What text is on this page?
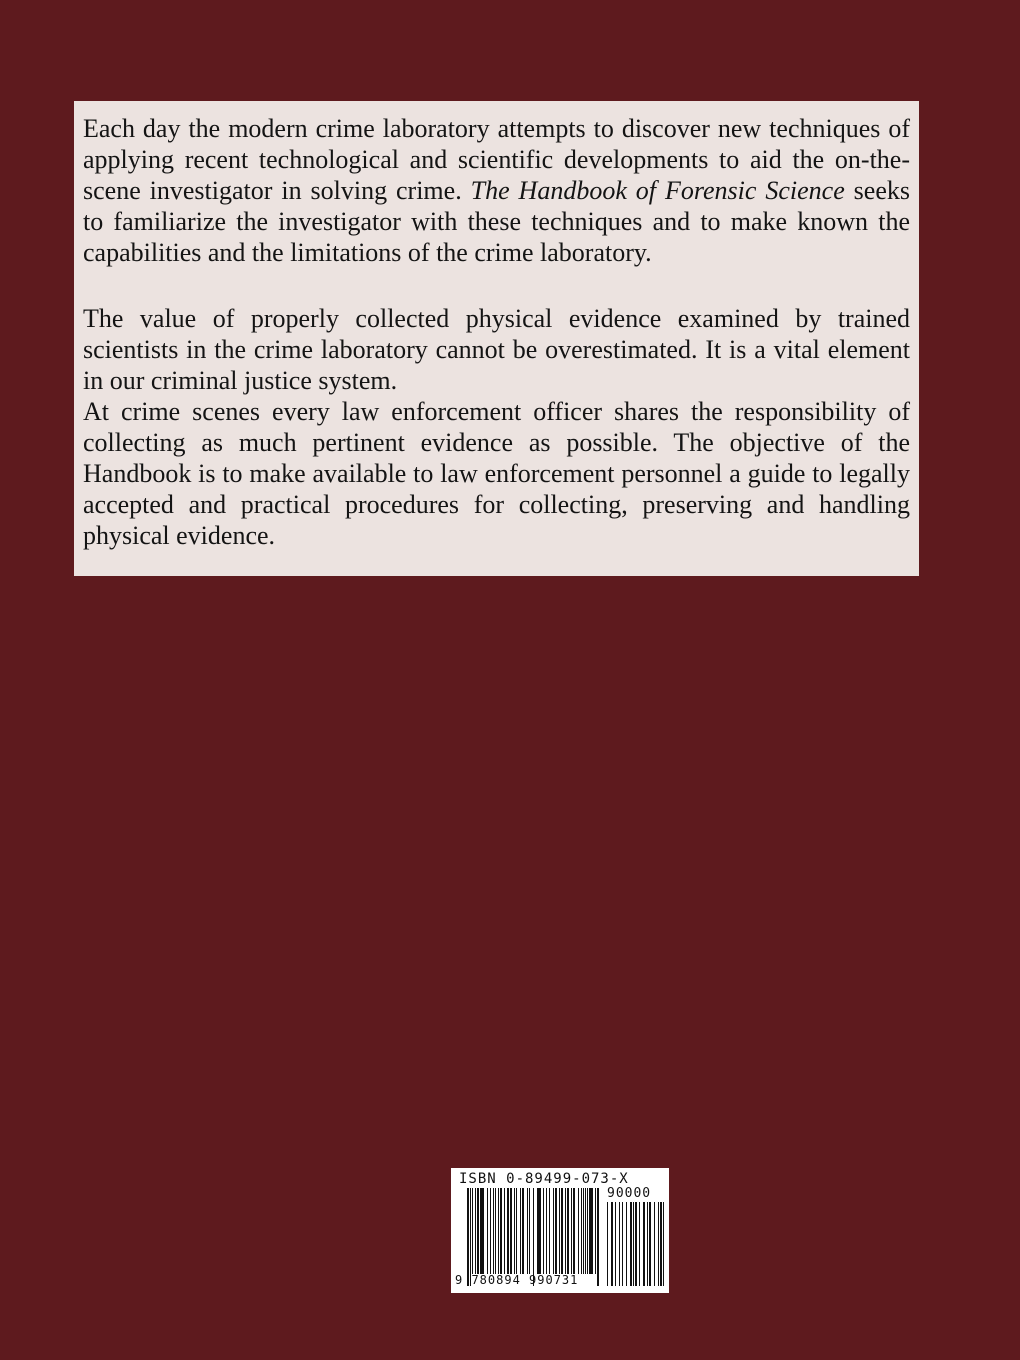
Each day the modern crime laboratory attempts to discover new techniques of applying recent technological and scientific developments to aid the on-the-scene investigator in solving crime. The Handbook of Forensic Science seeks to familiarize the investigator with these techniques and to make known the capabilities and the limitations of the crime laboratory.

The value of properly collected physical evidence examined by trained scientists in the crime laboratory cannot be overestimated. It is a vital element in our criminal justice system.

At crime scenes every law enforcement officer shares the responsibility of collecting as much pertinent evidence as possible. The objective of the Handbook is to make available to law enforcement personnel a guide to legally accepted and practical procedures for collecting, preserving and handling physical evidence.

ISBN 0-89499-073-X
90000
9 780894 990731
